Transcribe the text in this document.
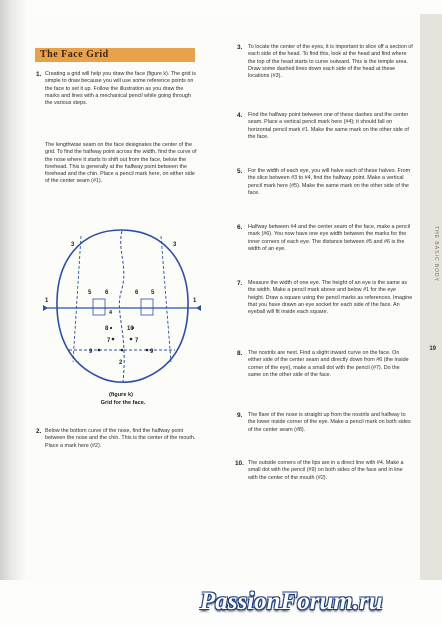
THE BASIC BODY
19
The Face Grid
1. Creating a grid will help you draw the face (figure k). The grid is simple to draw because you will use some reference points on the face to set it up. Follow the illustration as you draw the marks and lines with a mechanical pencil while going through the various steps.
The lengthwise seam on the face designates the center of the grid. To find the halfway point across the width, find the curve of the nose where it starts to shift out from the face, below the forehead. This is generally at the halfway point between the forehead and the chin. Place a pencil mark here, on either side of the center seam (#1).
1	1
2
3	3
4
5	5
6	6
7	7
8
9	9
10
(figure k)
Grid for the face.
2. Below the bottom curve of the nose, find the halfway point between the nose and the chin. This is the center of the mouth. Place a mark here (#2).
3. To locate the center of the eyes, it is important to slice off a section of each side of the head. To find this, look at the head and find where the top of the head starts to curve outward. This is the temple area. Draw some dashed lines down each side of the head at these locations (#3).
4. Find the halfway point between one of these dashes and the center seam. Place a vertical pencil mark here (#4); it should fall on horizontal pencil mark #1. Make the same mark on the other side of the face.
5. For the width of each eye, you will halve each of these halves. From the slice between #3 to #4, find the halfway point. Make a vertical pencil mark here (#5). Make the same mark on the other side of the face.
6. Halfway between #4 and the center seam of the face, make a pencil mark (#6). You now have one eye width between the marks for the inner corners of each eye. The distance between #5 and #6 is the width of an eye.
7. Measure the width of one eye. The height of an eye is the same as the width. Make a pencil mark above and below #1 for the eye height. Draw a square using the pencil marks as references. Imagine that you have drawn an eye socket for each side of the face. An eyeball will fit inside each square.
8. The nostrils are next. Find a slight inward curve on the face. On either side of the center seam and directly down from #6 (the inside corner of the eye), make a small dot with the pencil (#7). Do the same on the other side of the face.
9. The flare of the nose is straight up from the nostrils and halfway to the lower inside corner of the eye. Make a pencil mark on both sides of the center seam (#8).
10. The outside corners of the lips are in a direct line with #4. Make a small dot with the pencil (#9) on both sides of the face and in line with the center of the mouth (#2).
PassionForum.ru
